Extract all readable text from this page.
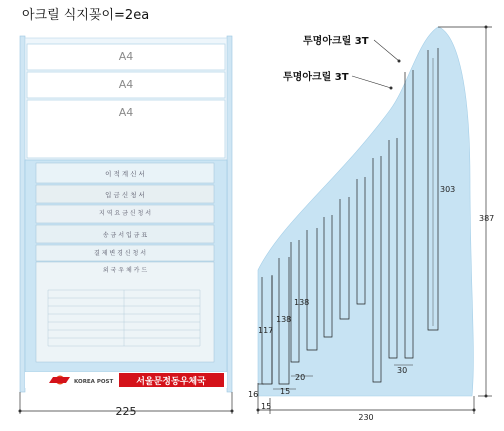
아크릴 식지꽂이=2ea
A4
A4
A4
이 적 계 신 서
입 금 신 청 서
지 역 요 금 신 청 서
송 금 서 입 금 표
결 제 변 경 신 청 서
외 국 우 체 카 드
KOREA POST	서울문정동우체국
225
투명아크릴 3T
투명아크릴 3T
303
138
138
117
20
30
15
387
16
15
230
